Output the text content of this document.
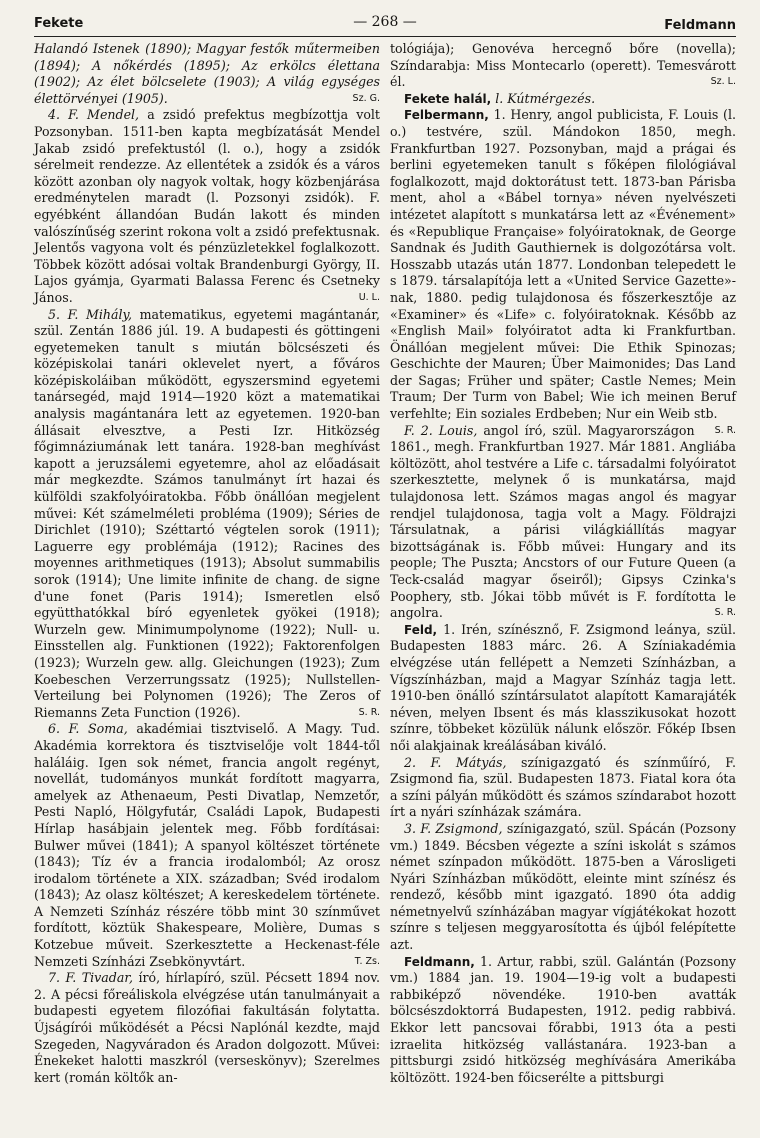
Fekete	— 268 —	Feldmann

Halandó Istenek (1890); Magyar festők műtermeiben (1894); A nőkérdés (1895); Az erkölcs élettana (1902); Az élet bölcselete (1903); A világ egységes élettörvényei (1905).	Sz. G.

4. F. Mendel, a zsidó prefektus megbízottja volt Pozsonyban. 1511-ben kapta megbízatását Mendel Jakab zsidó prefektustól (l. o.), hogy a zsidók sérelmeit rendezze. Az ellentétek a zsidók és a város között azonban oly nagyok voltak, hogy közbenjárása eredménytelen maradt (l. Pozsonyi zsidók). F. egyébként állandóan Budán lakott és minden valószínűség szerint rokona volt a zsidó prefektusnak. Jelentős vagyona volt és pénzüzletekkel foglalkozott. Többek között adósai voltak Brandenburgi György, II. Lajos gyámja, Gyarmati Balassa Ferenc és Csetneky János.	U. L.

5. F. Mihály, matematikus, egyetemi magántanár, szül. Zentán 1886 júl. 19. A budapesti és göttingeni egyetemeken tanult s miután bölcsészeti és középiskolai tanári oklevelet nyert, a főváros középiskoláiban működött, egyszersmind egyetemi tanársegéd, majd 1914—1920 közt a matematikai analysis magántanára lett az egyetemen. 1920-ban állásait elvesztve, a Pesti Izr. Hitközség főgimnáziumának lett tanára. 1928-ban meghívást kapott a jeruzsálemi egyetemre, ahol az előadásait már megkezdte. Számos tanulmányt írt hazai és külföldi szakfolyóiratokba. Főbb önállóan megjelent művei: Két számelméleti probléma (1909); Séries de Dirichlet (1910); Széttartó végtelen sorok (1911); Laguerre egy problémája (1912); Racines des moyennes arithmetiques (1913); Absolut summabilis sorok (1914); Une limite infinite de chang. de signe d'une fonet (Paris 1914); Ismeretlen első együtthatókkal bíró egyenletek gyökei (1918); Wurzeln gew. Minimumpolynome (1922); Null- u. Einsstellen alg. Funktionen (1922); Faktorenfolgen (1923); Wurzeln gew. allg. Gleichungen (1923); Zum Koebeschen Verzerrungssatz (1925); Nullstellen-Verteilung bei Polynomen (1926); The Zeros of Riemanns Zeta Function (1926).	S. R.

6. F. Soma, akadémiai tisztviselő. A Magy. Tud. Akadémia korrektora és tisztviselője volt 1844-től haláláig. Igen sok német, francia angolt regényt, novellát, tudományos munkát fordított magyarra, amelyek az Athenaeum, Pesti Divatlap, Nemzetőr, Pesti Napló, Hölgyfutár, Családi Lapok, Budapesti Hírlap hasábjain jelentek meg. Főbb fordításai: Bulwer művei (1841); A spanyol költészet története (1843); Tíz év a francia irodalomból; Az orosz irodalom története a XIX. században; Svéd irodalom (1843); Az olasz költészet; A kereskedelem története. A Nemzeti Színház részére több mint 30 színművet fordított, köztük Shakespeare, Molière, Dumas s Kotzebue műveit. Szerkesztette a Heckenast-féle Nemzeti Színházi Zsebkönyvtárt.	T. Zs.

7. F. Tivadar, író, hírlapíró, szül. Pécsett 1894 nov. 2. A pécsi főreáliskola elvégzése után tanulmányait a budapesti egyetem filozófiai fakultásán folytatta. Újságírói működését a Pécsi Naplónál kezdte, majd Szegeden, Nagyváradon és Aradon dolgozott. Művei: Énekeket halotti maszkról (verseskönyv); Szerelmes kert (román költők an-

tológiája); Genovéva hercegnő bőre (novella); Színdarabja: Miss Montecarlo (operett). Temesvárott él.	Sz. L.

Fekete halál, l. Kútmérgezés.

Felbermann, 1. Henry, angol publicista, F. Louis (l. o.) testvére, szül. Mándokon 1850, megh. Frankfurtban 1927. Pozsonyban, majd a prágai és berlini egyetemeken tanult s főképen filológiával foglalkozott, majd doktorátust tett. 1873-ban Párisba ment, ahol a «Bábel tornya» néven nyelvészeti intézetet alapított s munkatársa lett az «Événement» és «Republique Française» folyóiratoknak, de George Sandnak és Judith Gauthiernek is dolgozótársa volt. Hosszabb utazás után 1877. Londonban telepedett le s 1879. társalapítója lett a «United Service Gazette»-nak, 1880. pedig tulajdonosa és főszerkesztője az «Examiner» és «Life» c. folyóiratoknak. Később az «English Mail» folyóiratot adta ki Frankfurtban. Önállóan megjelent művei: Die Ethik Spinozas; Geschichte der Mauren; Über Maimonides; Das Land der Sagas; Früher und später; Castle Nemes; Mein Traum; Der Turm von Babel; Wie ich meinen Beruf verfehlte; Ein soziales Erdbeben; Nur ein Weib stb.
S. R.

F. 2. Louis, angol író, szül. Magyarországon 1861., megh. Frankfurtban 1927. Már 1881. Angliába költözött, ahol testvére a Life c. társadalmi folyóiratot szerkesztette, melynek ő is munkatársa, majd tulajdonosa lett. Számos magas angol és magyar rendjel tulajdonosa, tagja volt a Magy. Földrajzi Társulatnak, a párisi világkiállítás magyar bizottságának is. Főbb művei: Hungary and its people; The Puszta; Ancstors of our Future Queen (a Teck-család magyar őseiről); Gipsys Czinka's Poophery, stb. Jókai több művét is F. fordította le angolra.	S. R.

Feld, 1. Irén, színésznő, F. Zsigmond leánya, szül. Budapesten 1883 márc. 26. A Színiakadémia elvégzése után fellépett a Nemzeti Színházban, a Vígszínházban, majd a Magyar Színház tagja lett. 1910-ben önálló színtársulatot alapított Kamarajáték néven, melyen Ibsent és más klasszikusokat hozott színre, többeket közülük nálunk először. Főkép Ibsen női alakjainak kreálásában kiváló.

2. F. Mátyás, színigazgató és színműíró, F. Zsigmond fia, szül. Budapesten 1873. Fiatal kora óta a színi pályán működött és számos színdarabot hozott írt a nyári színházak számára.

3. F. Zsigmond, színigazgató, szül. Spácán (Pozsony vm.) 1849. Bécsben végezte a színi iskolát s számos német színpadon működött. 1875-ben a Városligeti Nyári Színházban működött, eleinte mint színész és rendező, később mint igazgató. 1890 óta addig németnyelvű színházában magyar vígjátékokat hozott színre s teljesen meggyarosította és újból felépítette azt.

Feldmann, 1. Artur, rabbi, szül. Galántán (Pozsony vm.) 1884 jan. 19. 1904—19-ig volt a budapesti rabbiképző növendéke. 1910-ben avatták bölcsészdoktorrá Budapesten, 1912. pedig rabbivá. Ekkor lett pancsovai főrabbi, 1913 óta a pesti izraelita hitközség vallástanára. 1923-ban a pittsburgi zsidó hitközség meghívására Amerikába költözött. 1924-ben főicserélte a pittsburgi
